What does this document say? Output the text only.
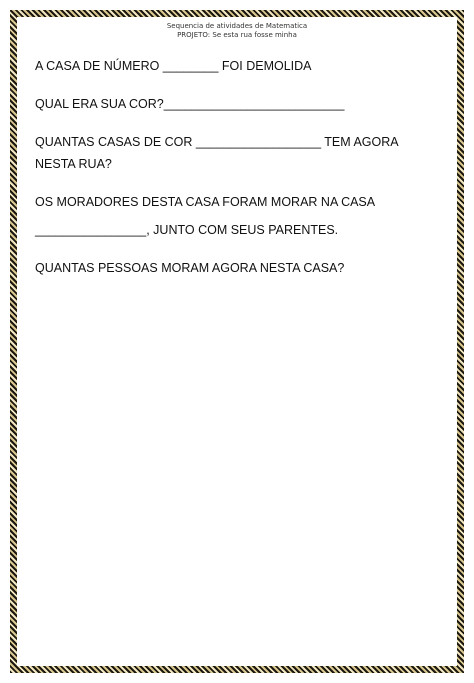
Sequencia de atividades de Matematica
PROJETO: Se esta rua fosse minha
A CASA DE NÚMERO ________ FOI DEMOLIDA
QUAL ERA SUA COR?__________________________
QUANTAS CASAS DE COR __________________ TEM AGORA
NESTA RUA?
OS MORADORES DESTA CASA FORAM MORAR NA CASA
________________, JUNTO COM SEUS PARENTES.
QUANTAS PESSOAS MORAM AGORA NESTA CASA?
